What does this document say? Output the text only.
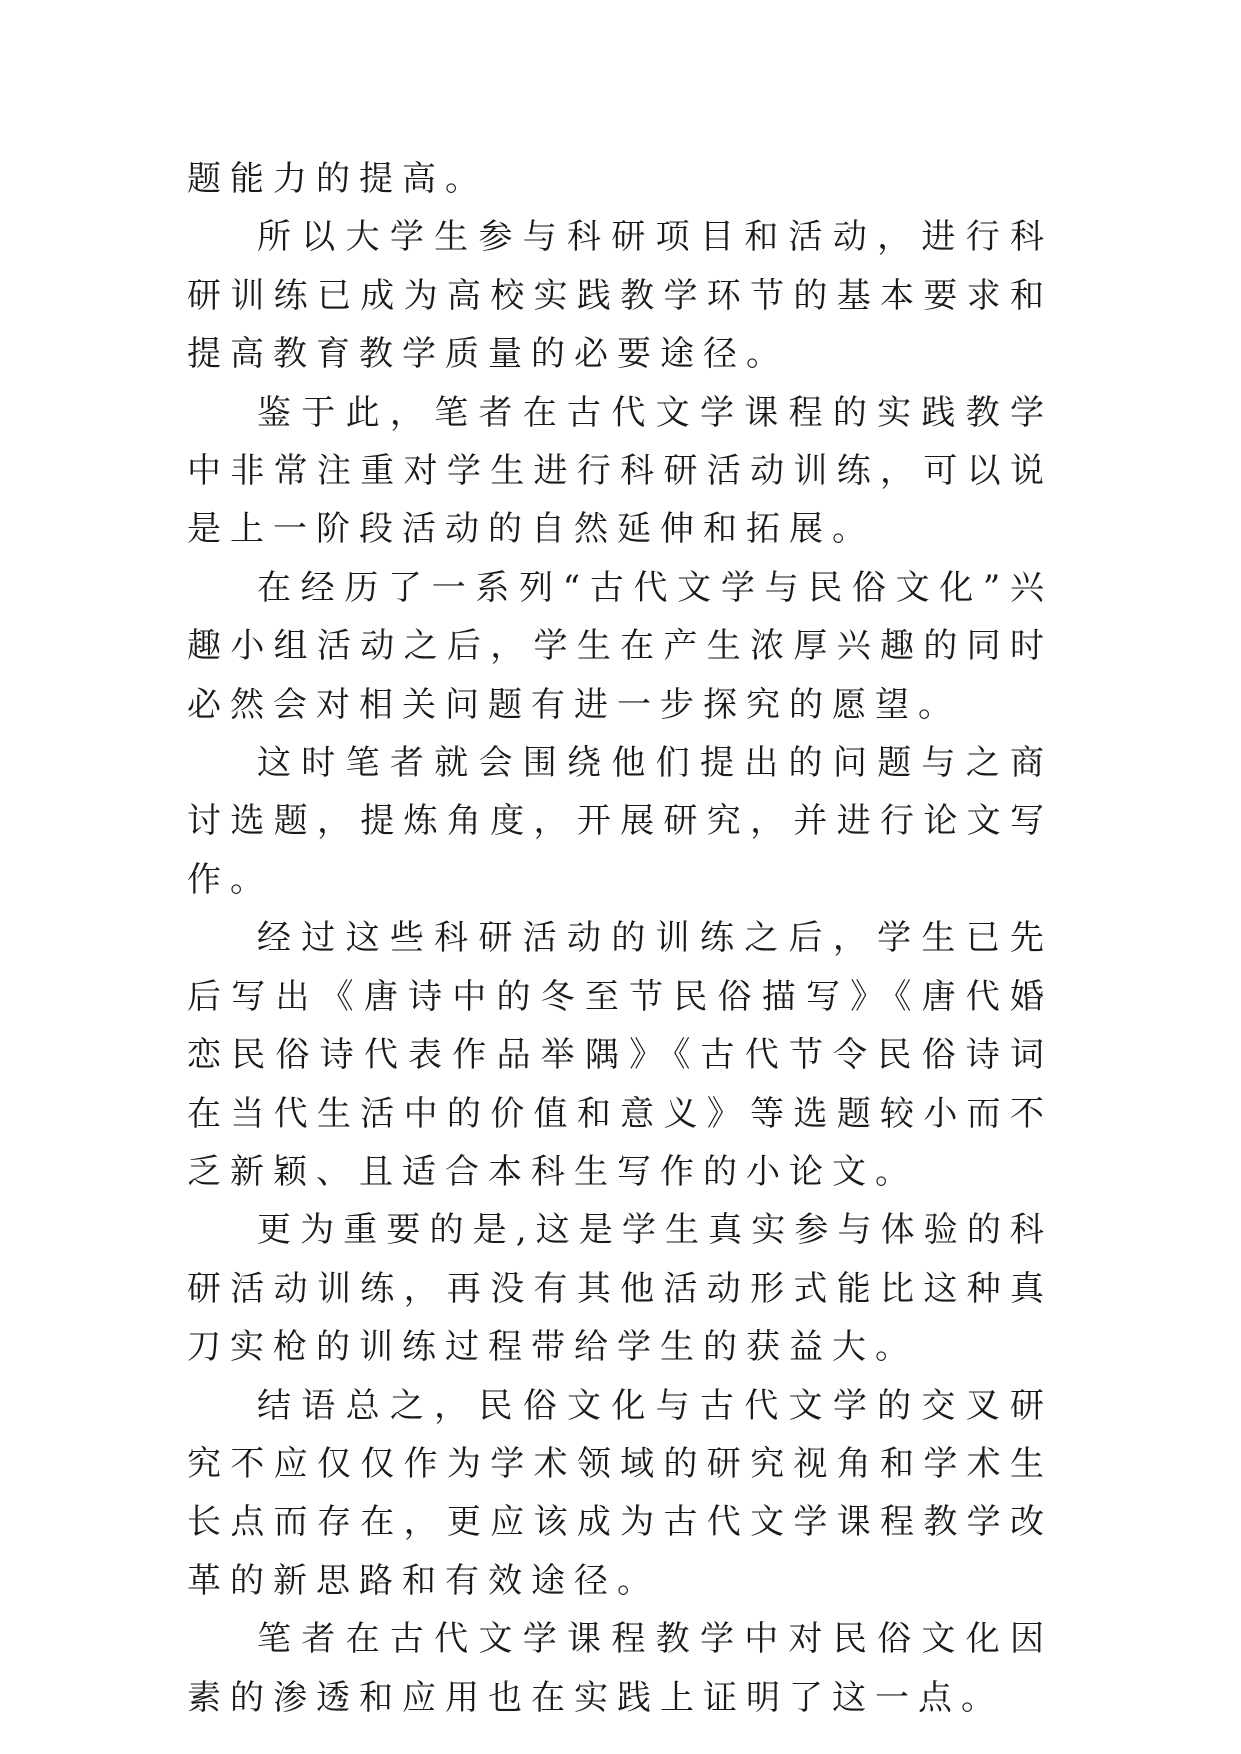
题能力的提高。

所以大学生参与科研项目和活动，进行科研训练已成为高校实践教学环节的基本要求和提高教育教学质量的必要途径。

鉴于此，笔者在古代文学课程的实践教学中非常注重对学生进行科研活动训练，可以说是上一阶段活动的自然延伸和拓展。

在经历了一系列“古代文学与民俗文化”兴趣小组活动之后，学生在产生浓厚兴趣的同时必然会对相关问题有进一步探究的愿望。

这时笔者就会围绕他们提出的问题与之商讨选题，提炼角度，开展研究，并进行论文写作。

经过这些科研活动的训练之后，学生已先后写出《唐诗中的冬至节民俗描写》《唐代婚恋民俗诗代表作品举隅》《古代节令民俗诗词在当代生活中的价值和意义》等选题较小而不乏新颖、且适合本科生写作的小论文。

更为重要的是,这是学生真实参与体验的科研活动训练，再没有其他活动形式能比这种真刀实枪的训练过程带给学生的获益大。

结语总之，民俗文化与古代文学的交叉研究不应仅仅作为学术领域的研究视角和学术生长点而存在，更应该成为古代文学课程教学改革的新思路和有效途径。

笔者在古代文学课程教学中对民俗文化因素的渗透和应用也在实践上证明了这一点。
